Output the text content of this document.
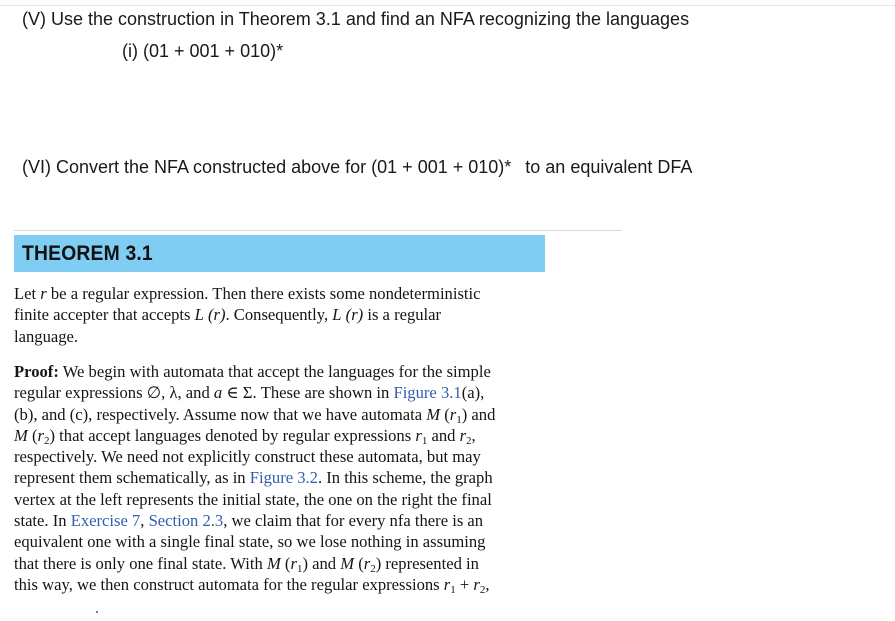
(V) Use the construction in Theorem 3.1 and find an NFA recognizing the languages
(i) (01 + 001 + 010)*
(VI) Convert the NFA constructed above for (01 + 001 + 010)* to an equivalent DFA
THEOREM 3.1
Let r be a regular expression. Then there exists some nondeterministic
finite accepter that accepts L (r). Consequently, L (r) is a regular
language.
Proof: We begin with automata that accept the languages for the simple
regular expressions ∅, λ, and a ∈ Σ. These are shown in Figure 3.1(a),
(b), and (c), respectively. Assume now that we have automata M $(r_1)$ and
M $(r_2)$ that accept languages denoted by regular expressions $r_1$ and $r_2$,
respectively. We need not explicitly construct these automata, but may
represent them schematically, as in Figure 3.2. In this scheme, the graph
vertex at the left represents the initial state, the one on the right the final
state. In Exercise 7, Section 2.3, we claim that for every nfa there is an
equivalent one with a single final state, so we lose nothing in assuming
that there is only one final state. With M $(r_1)$ and M $(r_2)$ represented in
this way, we then construct automata for the regular expressions $r_1 + r_2$,
